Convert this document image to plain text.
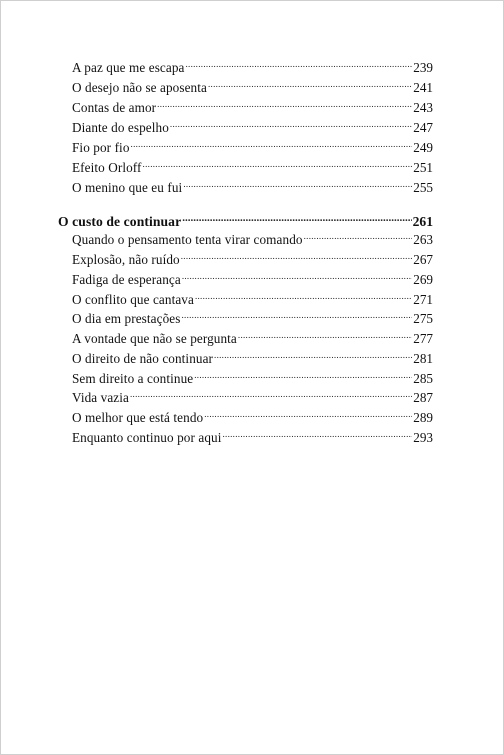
A paz que me escapa .....	239
O desejo não se aposenta .....	241
Contas de amor .....	243
Diante do espelho .....	247
Fio por fio .....	249
Efeito Orloff .....	251
O menino que eu fui .....	255
O custo de continuar .....	261
Quando o pensamento tenta virar comando .....	263
Explosão, não ruído .....	267
Fadiga de esperança .....	269
O conflito que cantava .....	271
O dia em prestações .....	275
A vontade que não se pergunta .....	277
O direito de não continuar .....	281
Sem direito a continue .....	285
Vida vazia .....	287
O melhor que está tendo .....	289
Enquanto continuo por aqui .....	293
